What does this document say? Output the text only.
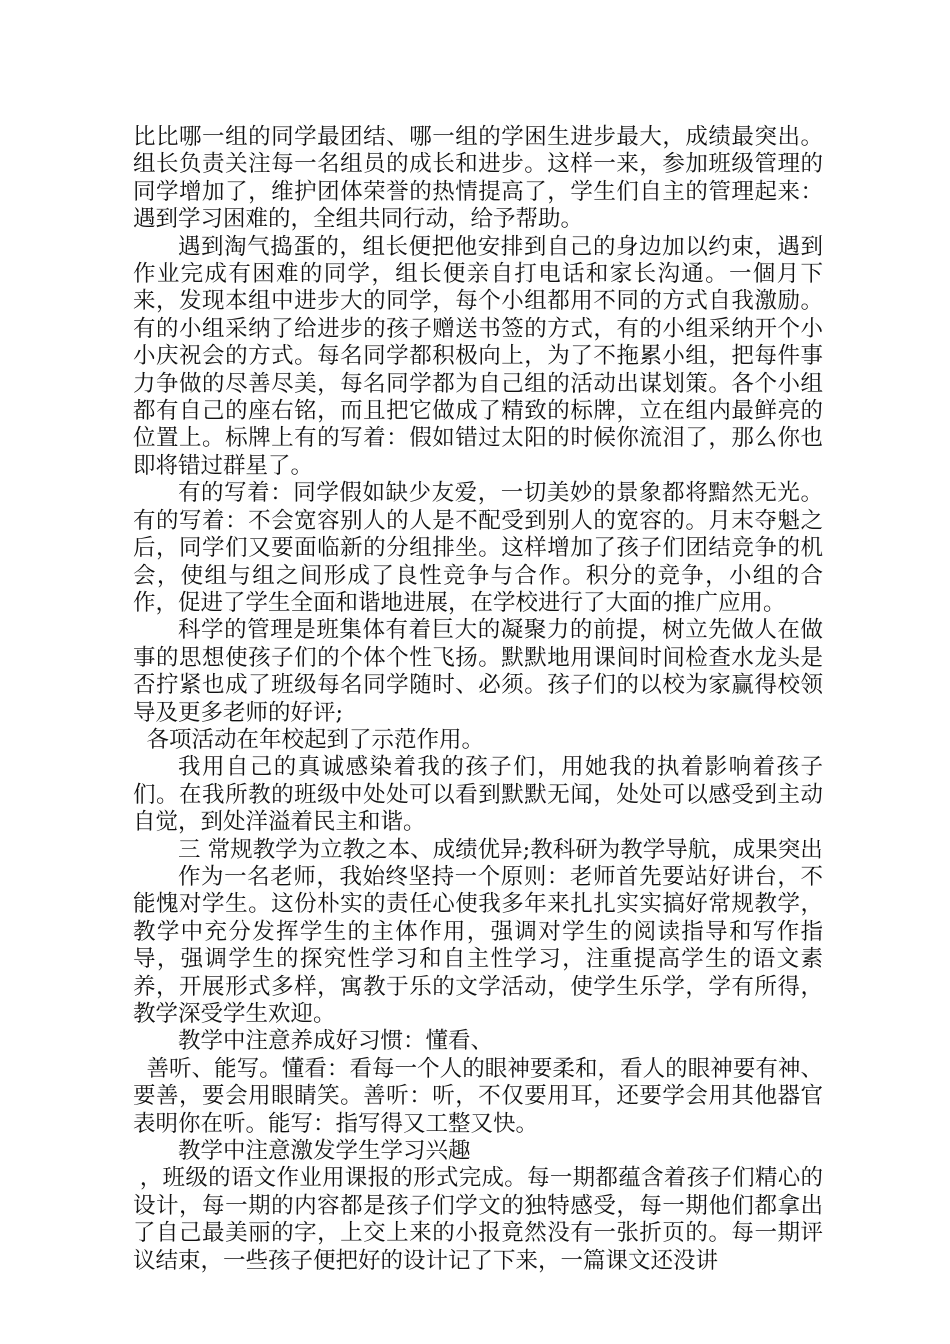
比比哪一组的同学最团结、哪一组的学困生进步最大，成绩最突出。组长负责关注每一名组员的成长和进步。这样一来，参加班级管理的同学增加了，维护团体荣誉的热情提高了，学生们自主的管理起来：遇到学习困难的，全组共同行动，给予帮助。

遇到淘气捣蛋的，组长便把他安排到自己的身边加以约束，遇到作业完成有困难的同学，组长便亲自打电话和家长沟通。一個月下来，发现本组中进步大的同学，每个小组都用不同的方式自我激励。有的小组采纳了给进步的孩子赠送书签的方式，有的小组采纳开个小小庆祝会的方式。每名同学都积极向上，为了不拖累小组，把每件事力争做的尽善尽美，每名同学都为自己组的活动出谋划策。各个小组都有自己的座右铭，而且把它做成了精致的标牌，立在组内最鲜亮的位置上。标牌上有的写着：假如错过太阳的时候你流泪了，那么你也即将错过群星了。

有的写着：同学假如缺少友爱，一切美妙的景象都将黯然无光。有的写着：不会宽容别人的人是不配受到别人的宽容的。月末夺魁之后，同学们又要面临新的分组排坐。这样增加了孩子们团结竞争的机会，使组与组之间形成了良性竞争与合作。积分的竞争，小组的合作，促进了学生全面和谐地进展，在学校进行了大面的推广应用。

科学的管理是班集体有着巨大的凝聚力的前提，树立先做人在做事的思想使孩子们的个体个性飞扬。默默地用课间时间检查水龙头是否拧紧也成了班级每名同学随时、必须。孩子们的以校为家赢得校领导及更多老师的好评;

各项活动在年校起到了示范作用。

我用自己的真诚感染着我的孩子们，用她我的执着影响着孩子们。在我所教的班级中处处可以看到默默无闻，处处可以感受到主动自觉，到处洋溢着民主和谐。

三 常规教学为立教之本、成绩优异;教科研为教学导航，成果突出

作为一名老师，我始终坚持一个原则：老师首先要站好讲台，不能愧对学生。这份朴实的责任心使我多年来扎扎实实搞好常规教学，教学中充分发挥学生的主体作用，强调对学生的阅读指导和写作指导，强调学生的探究性学习和自主性学习，注重提高学生的语文素养，开展形式多样，寓教于乐的文学活动，使学生乐学，学有所得，教学深受学生欢迎。

教学中注意养成好习惯：懂看、

善听、能写。懂看：看每一个人的眼神要柔和，看人的眼神要有神、要善，要会用眼睛笑。善听：听，不仅要用耳，还要学会用其他器官表明你在听。能写：指写得又工整又快。

教学中注意激发学生学习兴趣

，班级的语文作业用课报的形式完成。每一期都蕴含着孩子们精心的设计，每一期的内容都是孩子们学文的独特感受，每一期他们都拿出了自己最美丽的字，上交上来的小报竟然没有一张折页的。每一期评议结束，一些孩子便把好的设计记了下来，一篇课文还没讲
